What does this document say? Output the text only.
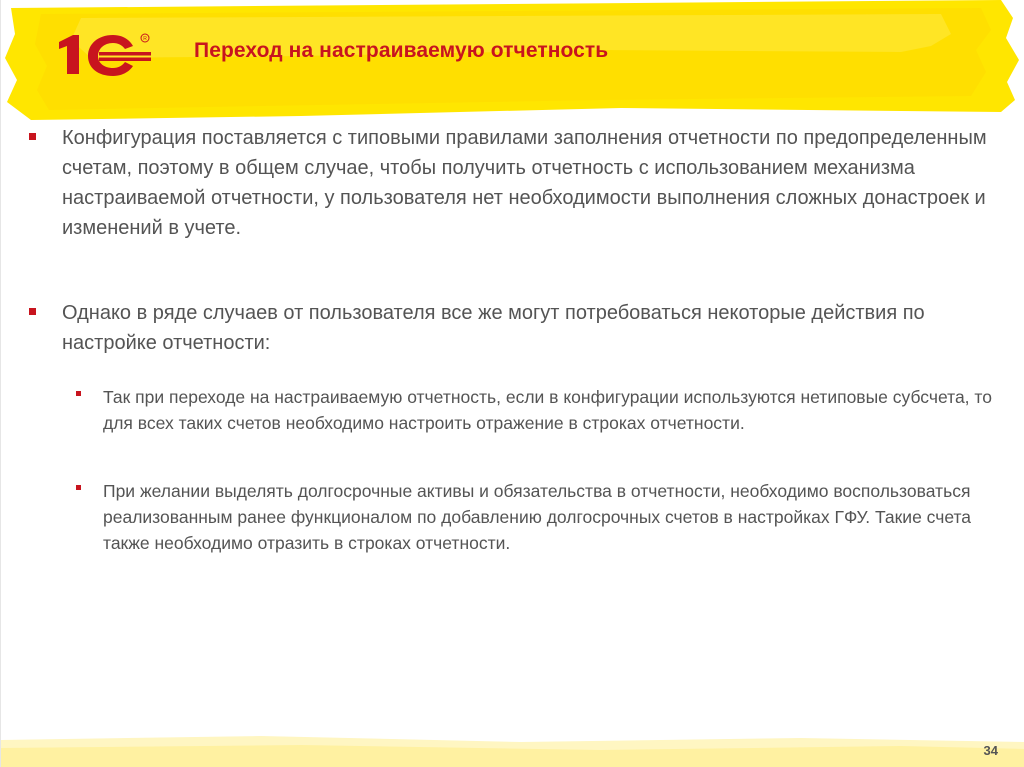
R Переход на настраиваемую отчетность
Конфигурация поставляется с типовыми правилами заполнения отчетности по предопределенным счетам, поэтому в общем случае, чтобы получить отчетность с использованием механизма настраиваемой отчетности, у пользователя нет необходимости выполнения сложных донастроек и изменений в учете.
Однако в ряде случаев от пользователя все же могут потребоваться некоторые действия по настройке отчетности:
Так при переходе на настраиваемую отчетность, если в конфигурации используются нетиповые субсчета, то для всех таких счетов необходимо настроить отражение в строках отчетности.
При желании выделять долгосрочные активы и обязательства в отчетности, необходимо воспользоваться реализованным ранее функционалом по добавлению долгосрочных счетов в настройках ГФУ. Такие счета также необходимо отразить в строках отчетности.
34
